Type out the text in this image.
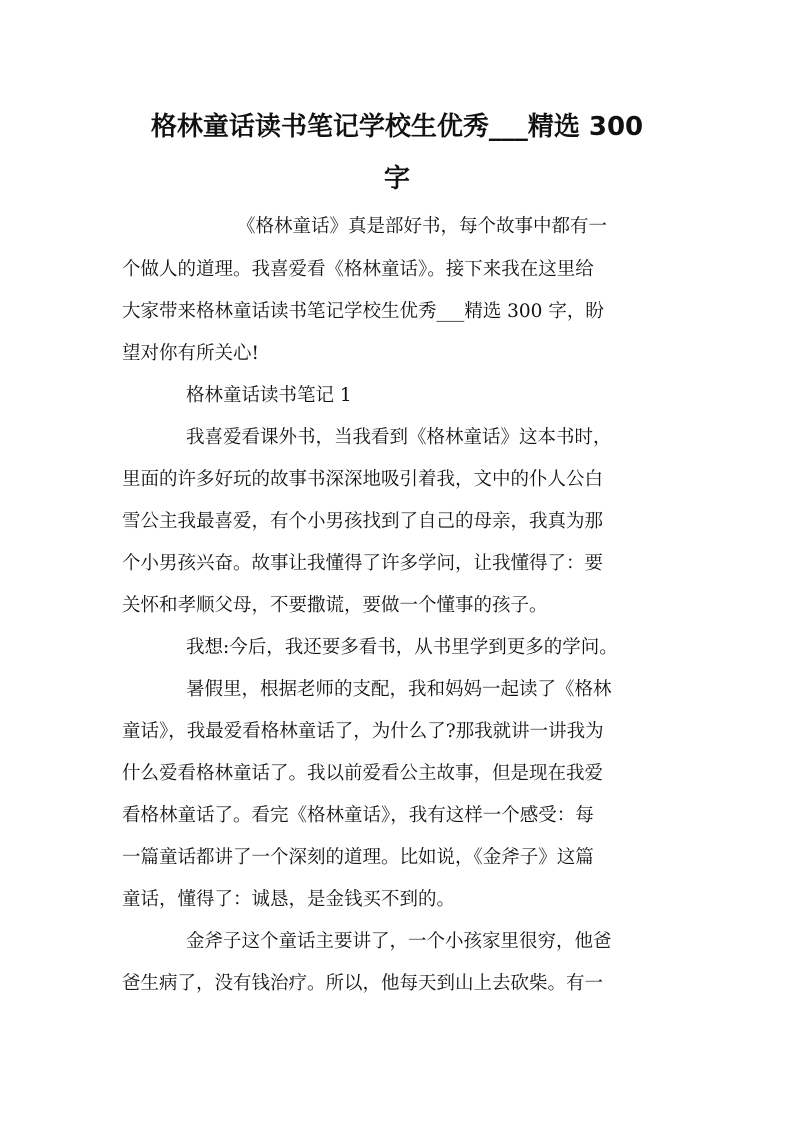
格林童话读书笔记学校生优秀___精选 300
字

《格林童话》真是部好书，每个故事中都有一

个做人的道理。我喜爱看《格林童话》。接下来我在这里给

大家带来格林童话读书笔记学校生优秀___精选 300 字，盼

望对你有所关心!

格林童话读书笔记 1

我喜爱看课外书，当我看到《格林童话》这本书时，

里面的许多好玩的故事书深深地吸引着我，文中的仆人公白

雪公主我最喜爱，有个小男孩找到了自己的母亲，我真为那

个小男孩兴奋。故事让我懂得了许多学问，让我懂得了：要

关怀和孝顺父母，不要撒谎，要做一个懂事的孩子。

我想:今后，我还要多看书，从书里学到更多的学问。

暑假里，根据老师的支配，我和妈妈一起读了《格林

童话》，我最爱看格林童话了，为什么了?那我就讲一讲我为

什么爱看格林童话了。我以前爱看公主故事，但是现在我爱

看格林童话了。看完《格林童话》，我有这样一个感受：每

一篇童话都讲了一个深刻的道理。比如说，《金斧子》这篇

童话，懂得了：诚恳，是金钱买不到的。

金斧子这个童话主要讲了，一个小孩家里很穷，他爸

爸生病了，没有钱治疗。所以，他每天到山上去砍柴。有一
